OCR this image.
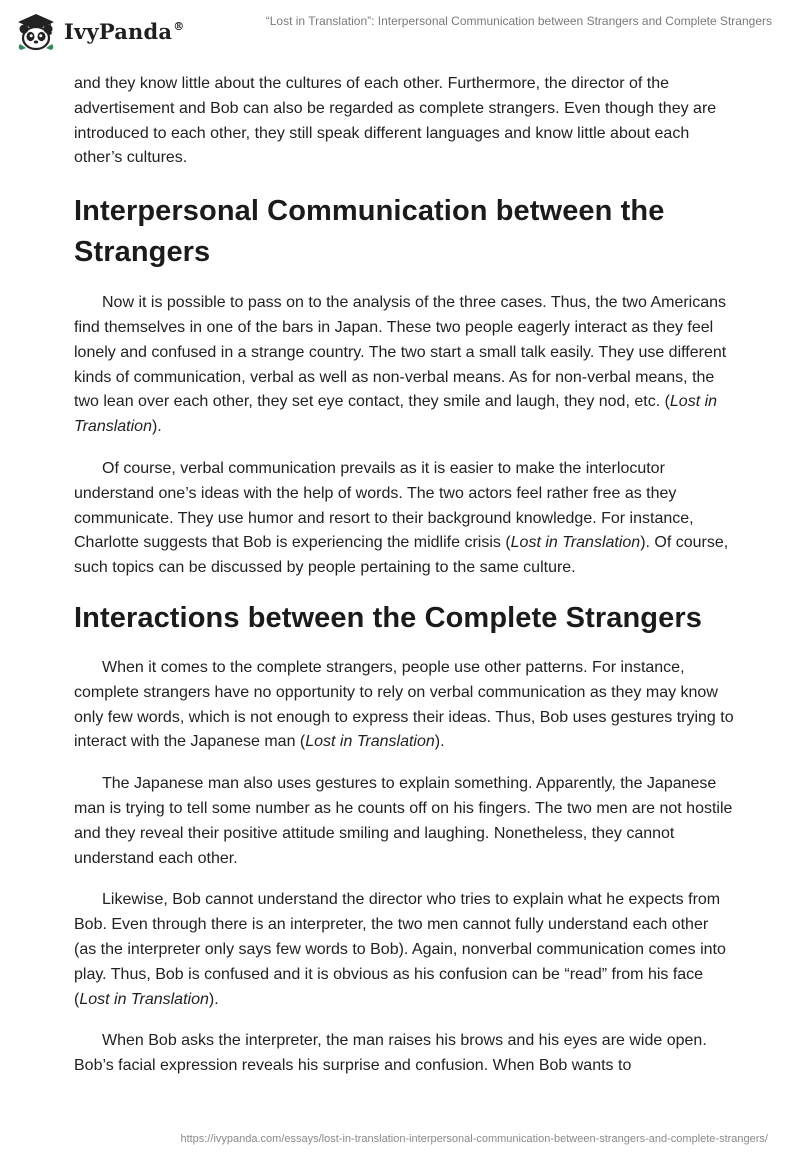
IvyPanda®	“Lost in Translation”: Interpersonal Communication between Strangers and Complete Strangers

and they know little about the cultures of each other. Furthermore, the director of the advertisement and Bob can also be regarded as complete strangers. Even though they are introduced to each other, they still speak different languages and know little about each other’s cultures.

Interpersonal Communication between the Strangers

Now it is possible to pass on to the analysis of the three cases. Thus, the two Americans find themselves in one of the bars in Japan. These two people eagerly interact as they feel lonely and confused in a strange country. The two start a small talk easily. They use different kinds of communication, verbal as well as non-verbal means. As for non-verbal means, the two lean over each other, they set eye contact, they smile and laugh, they nod, etc. (Lost in Translation).

Of course, verbal communication prevails as it is easier to make the interlocutor understand one’s ideas with the help of words. The two actors feel rather free as they communicate. They use humor and resort to their background knowledge. For instance, Charlotte suggests that Bob is experiencing the midlife crisis (Lost in Translation). Of course, such topics can be discussed by people pertaining to the same culture.

Interactions between the Complete Strangers

When it comes to the complete strangers, people use other patterns. For instance, complete strangers have no opportunity to rely on verbal communication as they may know only few words, which is not enough to express their ideas. Thus, Bob uses gestures trying to interact with the Japanese man (Lost in Translation).

The Japanese man also uses gestures to explain something. Apparently, the Japanese man is trying to tell some number as he counts off on his fingers. The two men are not hostile and they reveal their positive attitude smiling and laughing. Nonetheless, they cannot understand each other.

Likewise, Bob cannot understand the director who tries to explain what he expects from Bob. Even through there is an interpreter, the two men cannot fully understand each other (as the interpreter only says few words to Bob). Again, nonverbal communication comes into play. Thus, Bob is confused and it is obvious as his confusion can be “read” from his face (Lost in Translation).

When Bob asks the interpreter, the man raises his brows and his eyes are wide open. Bob’s facial expression reveals his surprise and confusion. When Bob wants to

https://ivypanda.com/essays/lost-in-translation-interpersonal-communication-between-strangers-and-complete-strangers/
